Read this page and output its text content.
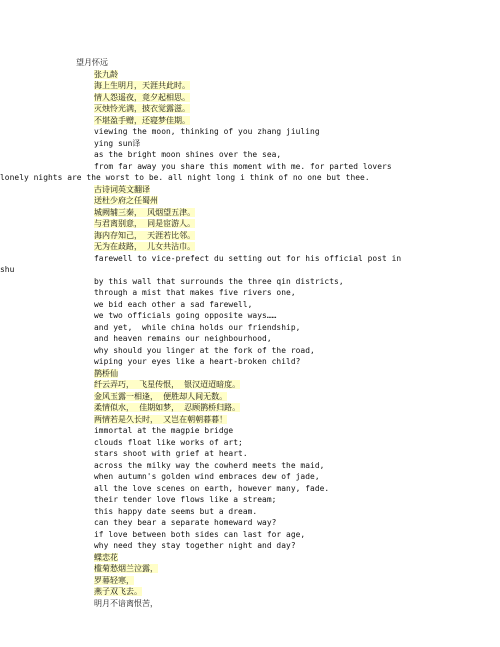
望月怀远
张九龄
海上生明月，天涯共此时。
情人怨遥夜，竟夕起相思。
灭烛怜光满，披衣觉露滋。
不堪盈手赠，还寝梦佳期。
viewing the moon, thinking of you zhang jiuling
ying sun译
as the bright moon shines over the sea,
from far away you share this moment with me. for parted lovers lonely nights are the worst to be. all night long i think of no one but thee.
古诗词英文翻译
送杜少府之任蜀州
城阙辅三秦，  风烟望五津。
与君离别意，  同是宦游人。
海内存知己，  天涯若比邻。
无为在歧路，  儿女共沾巾。
farewell to vice-prefect du setting out for his official post in shu
by this wall that surrounds the three qin districts,
through a mist that makes five rivers one,
we bid each other a sad farewell,
we two officials going opposite ways……
and yet,  while china holds our friendship,
and heaven remains our neighbourhood,
why should you linger at the fork of the road,
wiping your eyes like a heart-broken child?
鹊桥仙
纤云弄巧，  飞星传恨，  银汉迢迢暗度。
金风玉露一相逢，  便胜却人间无数。
柔情似水，  佳期如梦，  忍顾鹊桥归路。
两情若是久长时，  又岂在朝朝暮暮！
immortal at the magpie bridge
clouds float like works of art;
stars shoot with grief at heart.
across the milky way the cowherd meets the maid,
when autumn's golden wind embraces dew of jade,
all the love scenes on earth, however many, fade.
their tender love flows like a stream;
this happy date seems but a dream.
can they bear a separate homeward way?
if love between both sides can last for age,
why need they stay together night and day?
蝶恋花
槛菊愁烟兰泣露，
罗幕轻寒，
燕子双飞去。
明月不谙离恨苦，
